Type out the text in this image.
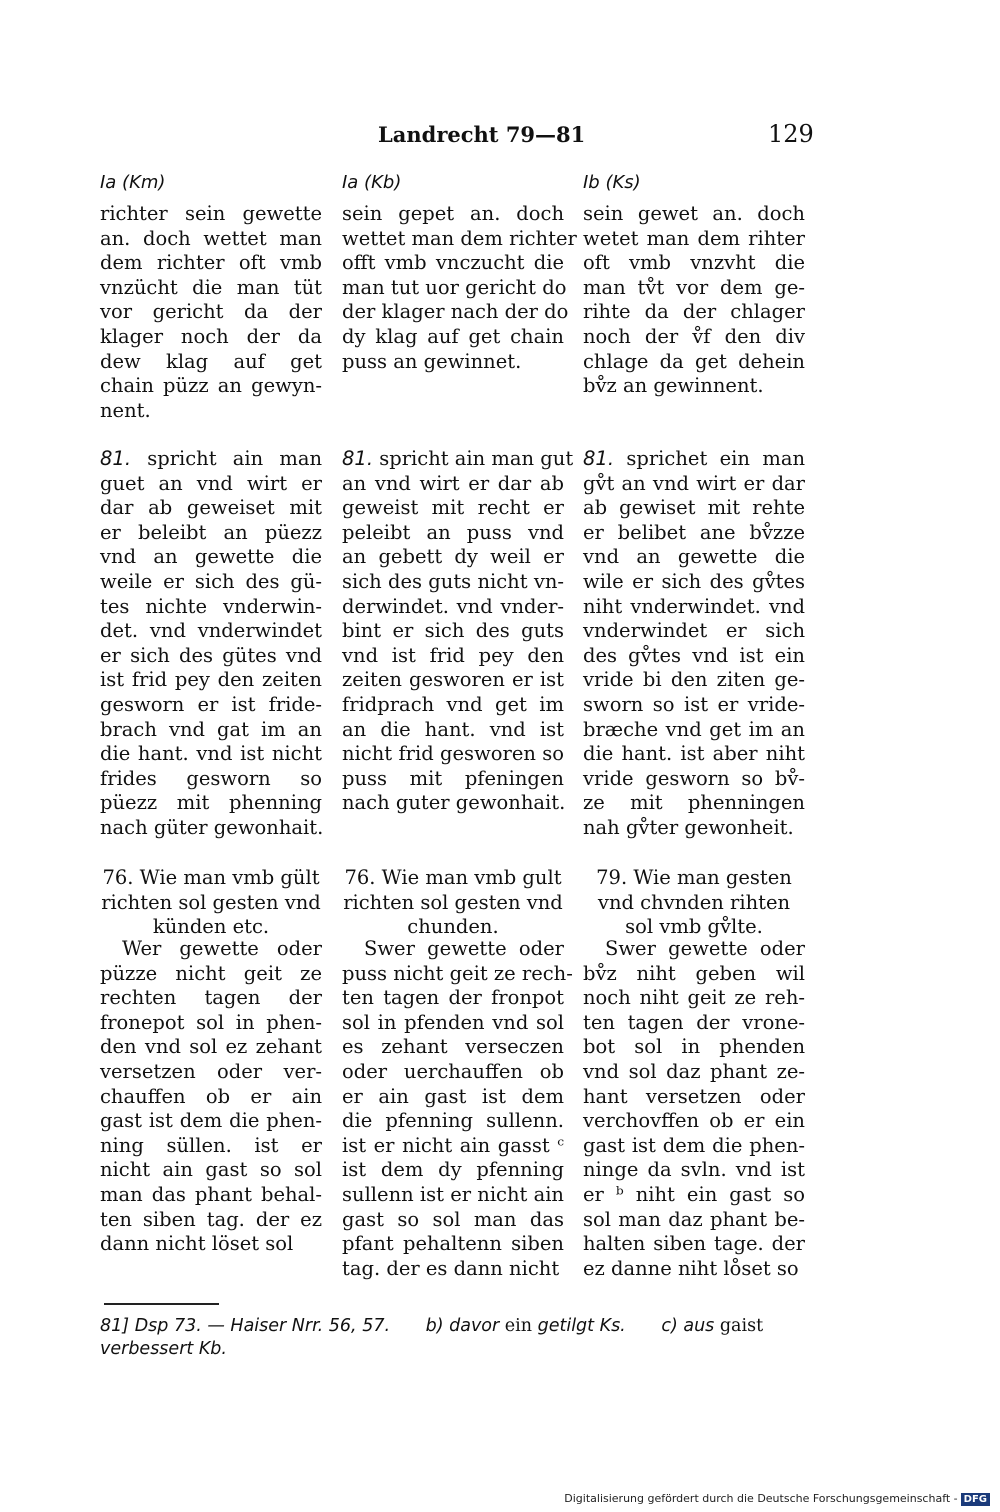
Landrecht 79—81	129
Ia (Km)
richter sein gewette
an. doch wettet man
dem richter oft vmb
vnzücht die man tüt
vor gericht da der
klager noch der da
dew klag auf get
chain püzz an gewyn-
nent.
81. spricht ain man
guet an vnd wirt er
dar ab geweiset mit
er beleibt an püezz
vnd an gewette die
weile er sich des gü-
tes nichte vnderwin-
det. vnd vnderwindet
er sich des gütes vnd
ist frid pey den zeiten
gesworn er ist fride-
brach vnd gat im an
die hant. vnd ist nicht
frides gesworn so
püezz mit phenning
nach güter gewonhait.
76. Wie man vmb gült
richten sol gesten vnd
künden etc.
Wer gewette oder
püzze nicht geit ze
rechten tagen der
fronepot sol in phen-
den vnd sol ez zehant
versetzen oder ver-
chauffen ob er ain
gast ist dem die phen-
ning süllen. ist er
nicht ain gast so sol
man das phant behal-
ten siben tag. der ez
dann nicht löset sol
Ia (Kb)
sein gepet an. doch
wettet man dem richter
offt vmb vnczucht die
man tut uor gericht do
der klager nach der do
dy klag auf get chain
puss an gewinnet.
81. spricht ain man gut
an vnd wirt er dar ab
geweist mit recht er
peleibt an puss vnd
an gebett dy weil er
sich des guts nicht vn-
derwindet. vnd vnder-
bint er sich des guts
vnd ist frid pey den
zeiten gesworen er ist
fridprach vnd get im
an die hant. vnd ist
nicht frid gesworen so
puss mit pfeningen
nach guter gewonhait.
76. Wie man vmb gult
richten sol gesten vnd
chunden.
Swer gewette oder
puss nicht geit ze rech-
ten tagen der fronpot
sol in pfenden vnd sol
es zehant verseczen
oder uerchauffen ob
er ain gast ist dem
die pfenning sullenn.
ist er nicht ain gasst ᶜ
ist dem dy pfenning
sullenn ist er nicht ain
gast so sol man das
pfant pehaltenn siben
tag. der es dann nicht
Ib (Ks)
sein gewet an. doch
wetet man dem rihter
oft vmb vnzvht die
man tv̊t vor dem ge-
rihte da der chlager
noch der v̊f den div
chlage da get dehein
bv̊z an gewinnent.
81. sprichet ein man
gv̊t an vnd wirt er dar
ab gewiset mit rehte
er belibet ane bv̊zze
vnd an gewette die
wile er sich des gv̊tes
niht vnderwindet. vnd
vnderwindet er sich
des gv̊tes vnd ist ein
vride bi den ziten ge-
sworn so ist er vride-
bræche vnd get im an
die hant. ist aber niht
vride gesworn so bv̊-
ze mit phenningen
nah gv̊ter gewonheit.
79. Wie man gesten
vnd chvnden rihten
sol vmb gv̊lte.
Swer gewette oder
bv̊z niht geben wil
noch niht geit ze reh-
ten tagen der vrone-
bot sol in phenden
vnd sol daz phant ze-
hant versetzen oder
verchovffen ob er ein
gast ist dem die phen-
ninge da svln. vnd ist
er ᵇ niht ein gast so
sol man daz phant be-
halten siben tage. der
ez danne niht lo̊set so
81] Dsp 73. — Haiser Nrr. 56, 57. b) davor ein getilgt Ks. c) aus gaist
verbessert Kb.
Digitalisierung gefördert durch die Deutsche Forschungsgemeinschaft - DFG
